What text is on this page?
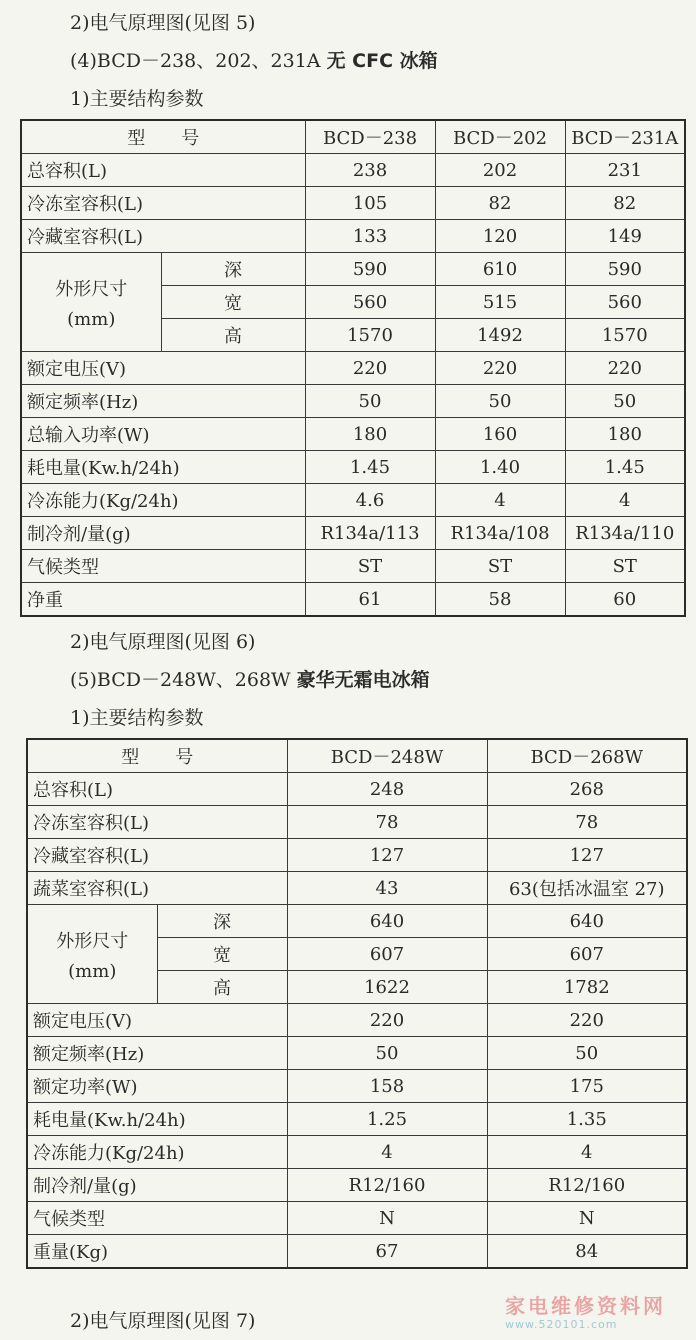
2)电气原理图(见图 5)
(4)BCD－238、202、231A 无 CFC 冰箱
1)主要结构参数
型　　号		BCD－238	BCD－202	BCD－231A
总容积(L)		238	202	231
冷冻室容积(L)		105	82	82
冷藏室容积(L)		133	120	149

外形尺寸
(mm)	深	590	610	590
	宽	560	515	560
	高	1570	1492	1570
额定电压(V)		220	220	220
额定频率(Hz)		50	50	50
总输入功率(W)		180	160	180
耗电量(Kw.h/24h)		1.45	1.40	1.45
冷冻能力(Kg/24h)		4.6	4	4
制冷剂/量(g)		R134a/113	R134a/108	R134a/110
气候类型		ST	ST	ST
净重		61	58	60
2)电气原理图(见图 6)
(5)BCD－248W、268W 豪华无霜电冰箱
1)主要结构参数
型　　号		BCD－248W	BCD－268W
总容积(L)		248	268
冷冻室容积(L)		78	78
冷藏室容积(L)		127	127
蔬菜室容积(L)		43	63(包括冰温室 27)

外形尺寸
(mm)	深	640	640
	宽	607	607
	高	1622	1782
额定电压(V)		220	220
额定频率(Hz)		50	50
额定功率(W)		158	175
耗电量(Kw.h/24h)		1.25	1.35
冷冻能力(Kg/24h)		4	4
制冷剂/量(g)		R12/160	R12/160
气候类型		N	N
重量(Kg)		67	84
2)电气原理图(见图 7)
家电维修资料网
www.520101.com
